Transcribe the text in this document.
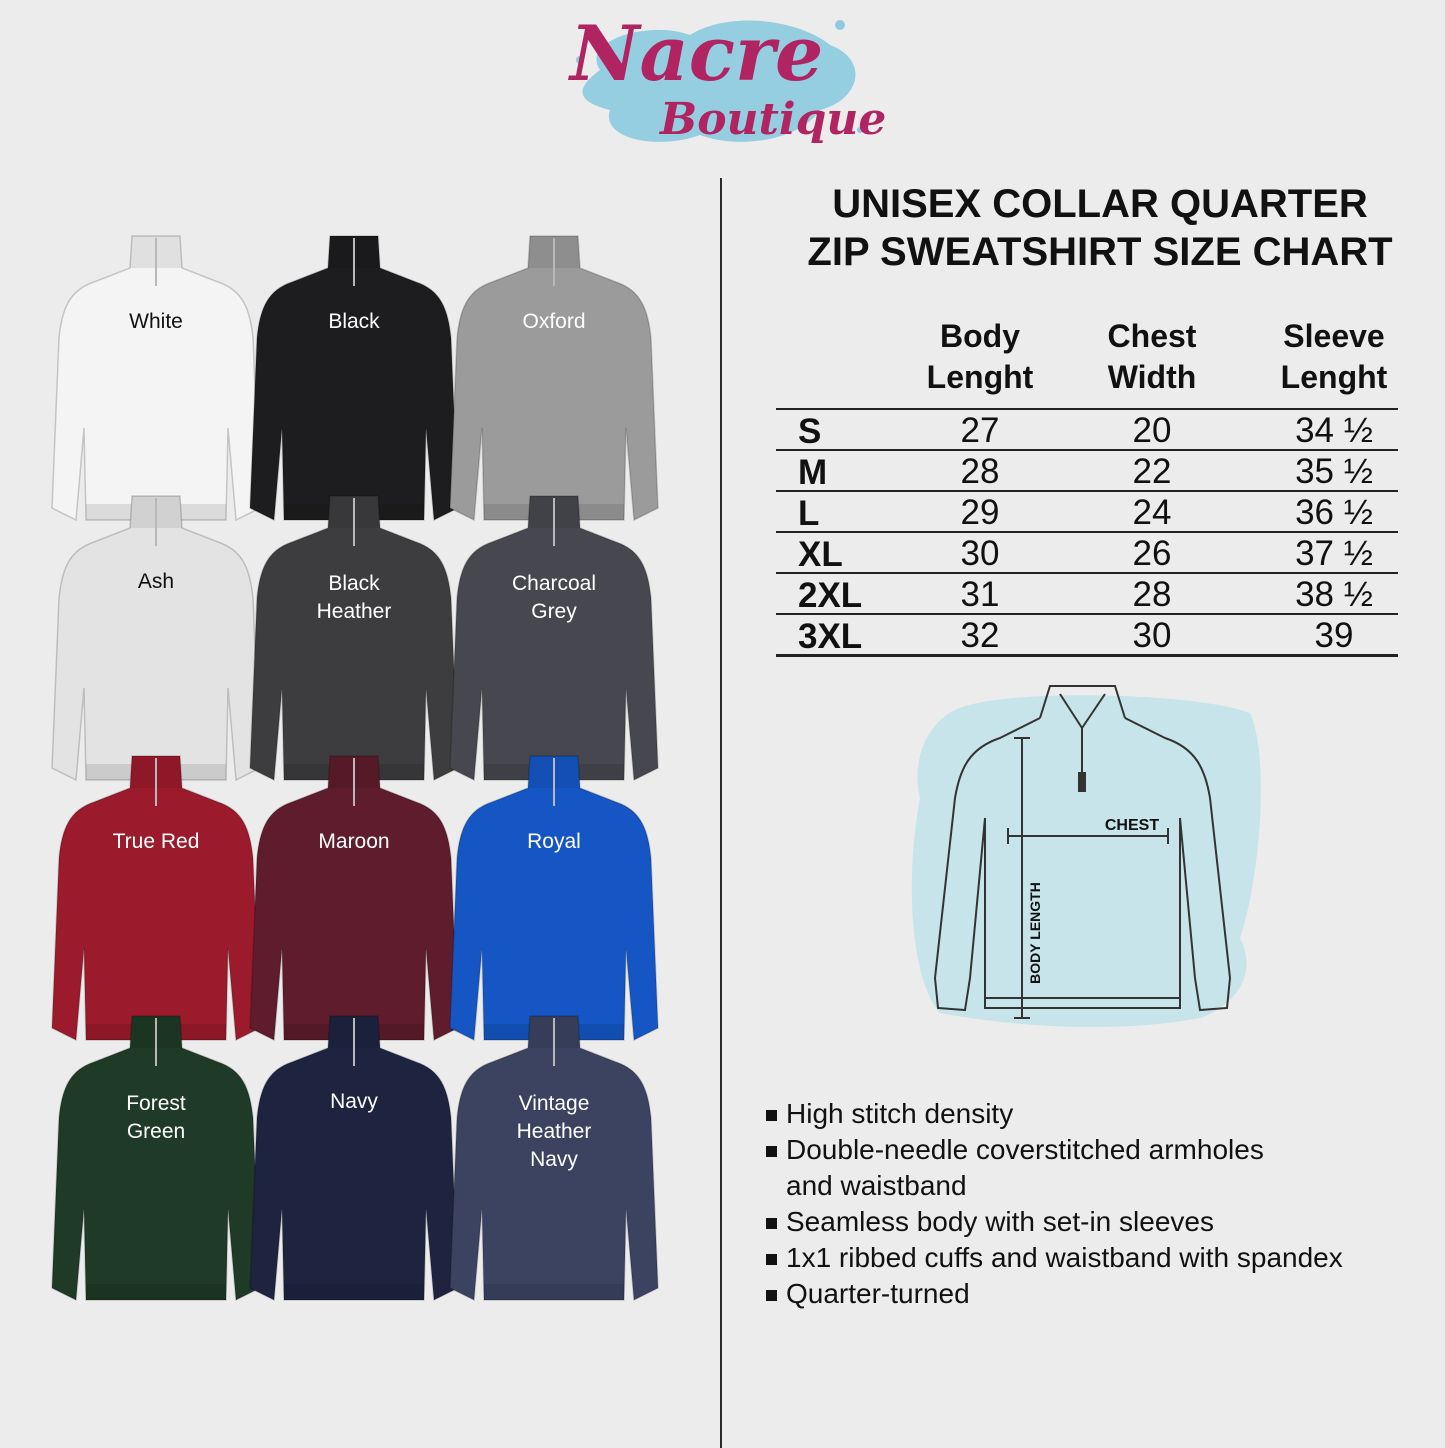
Nacre
Boutique
White	Black	Oxford
Ash	Black
Heather
Charcoal
Grey
True Red	Maroon	Royal
Forest
Green
Navy	Vintage
Heather
Navy
UNISEX COLLAR QUARTER
ZIP SWEATSHIRT SIZE CHART
Body
Lenght
Chest
Width
Sleeve
Lenght
S	27	20	34 ½
M	28	22	35 ½
L	29	24	36 ½
XL	30	26	37 ½
2XL	31	28	38 ½
3XL	32	30	39
CHEST
BODY LENGTH
High stitch density
Double-needle coverstitched armholes
and waistband
Seamless body with set-in sleeves
1x1 ribbed cuffs and waistband with spandex
Quarter-turned
